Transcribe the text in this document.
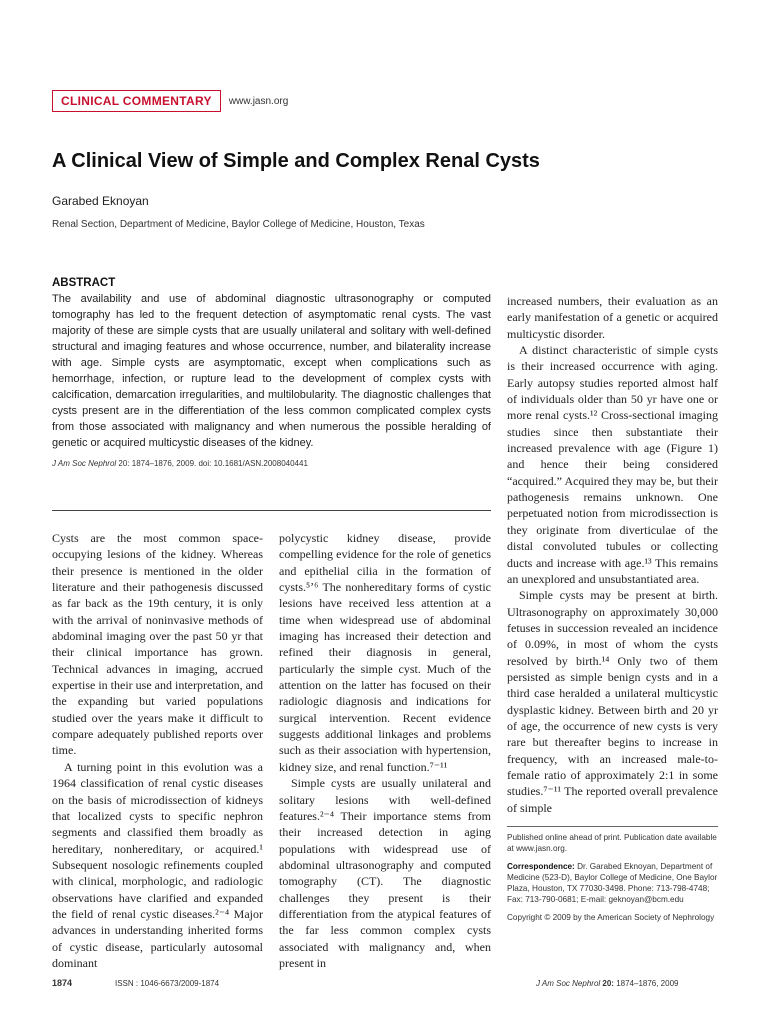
CLINICAL COMMENTARY	www.jasn.org
A Clinical View of Simple and Complex Renal Cysts
Garabed Eknoyan
Renal Section, Department of Medicine, Baylor College of Medicine, Houston, Texas
ABSTRACT

The availability and use of abdominal diagnostic ultrasonography or computed tomography has led to the frequent detection of asymptomatic renal cysts. The vast majority of these are simple cysts that are usually unilateral and solitary with well-defined structural and imaging features and whose occurrence, number, and bilaterality increase with age. Simple cysts are asymptomatic, except when complications such as hemorrhage, infection, or rupture lead to the development of complex cysts with calcification, demarcation irregularities, and multilobularity. The diagnostic challenges that cysts present are in the differentiation of the less common complicated complex cysts from those associated with malignancy and when numerous the possible heralding of genetic or acquired multicystic diseases of the kidney.

J Am Soc Nephrol 20: 1874–1876, 2009. doi: 10.1681/ASN.2008040441

Cysts are the most common space-occupying lesions of the kidney. Whereas their presence is mentioned in the older literature and their pathogenesis discussed as far back as the 19th century, it is only with the arrival of noninvasive methods of abdominal imaging over the past 50 yr that their clinical importance has grown. Technical advances in imaging, accrued expertise in their use and interpretation, and the expanding but varied populations studied over the years make it difficult to compare adequately published reports over time.

A turning point in this evolution was a 1964 classification of renal cystic diseases on the basis of microdissection of kidneys that localized cysts to specific nephron segments and classified them broadly as hereditary, nonhereditary, or acquired.¹ Subsequent nosologic refinements coupled with clinical, morphologic, and radiologic observations have clarified and expanded the field of renal cystic diseases.²⁻⁴ Major advances in understanding inherited forms of cystic disease, particularly autosomal dominant

polycystic kidney disease, provide compelling evidence for the role of genetics and epithelial cilia in the formation of cysts.⁵ʼ⁶ The nonhereditary forms of cystic lesions have received less attention at a time when widespread use of abdominal imaging has increased their detection and refined their diagnosis in general, particularly the simple cyst. Much of the attention on the latter has focused on their radiologic diagnosis and indications for surgical intervention. Recent evidence suggests additional linkages and problems such as their association with hypertension, kidney size, and renal function.⁷⁻¹¹

Simple cysts are usually unilateral and solitary lesions with well-defined features.²⁻⁴ Their importance stems from their increased detection in aging populations with widespread use of abdominal ultrasonography and computed tomography (CT). The diagnostic challenges they present is their differentiation from the atypical features of the far less common complex cysts associated with malignancy and, when present in

increased numbers, their evaluation as an early manifestation of a genetic or acquired multicystic disorder.

A distinct characteristic of simple cysts is their increased occurrence with aging. Early autopsy studies reported almost half of individuals older than 50 yr have one or more renal cysts.¹² Cross-sectional imaging studies since then substantiate their increased prevalence with age (Figure 1) and hence their being considered “acquired.” Acquired they may be, but their pathogenesis remains unknown. One perpetuated notion from microdissection is they originate from diverticulae of the distal convoluted tubules or collecting ducts and increase with age.¹³ This remains an unexplored and unsubstantiated area.

Simple cysts may be present at birth. Ultrasonography on approximately 30,000 fetuses in succession revealed an incidence of 0.09%, in most of whom the cysts resolved by birth.¹⁴ Only two of them persisted as simple benign cysts and in a third case heralded a unilateral multicystic dysplastic kidney. Between birth and 20 yr of age, the occurrence of new cysts is very rare but thereafter begins to increase in frequency, with an increased male-to-female ratio of approximately 2:1 in some studies.⁷⁻¹¹ The reported overall prevalence of simple

Published online ahead of print. Publication date available at www.jasn.org.

Correspondence: Dr. Garabed Eknoyan, Department of Medicine (523-D), Baylor College of Medicine, One Baylor Plaza, Houston, TX 77030-3498. Phone: 713-798-4748; Fax: 713-790-0681; E-mail: geknoyan@bcm.edu

Copyright © 2009 by the American Society of Nephrology

1874	ISSN : 1046-6673/2009-1874	J Am Soc Nephrol 20: 1874–1876, 2009
